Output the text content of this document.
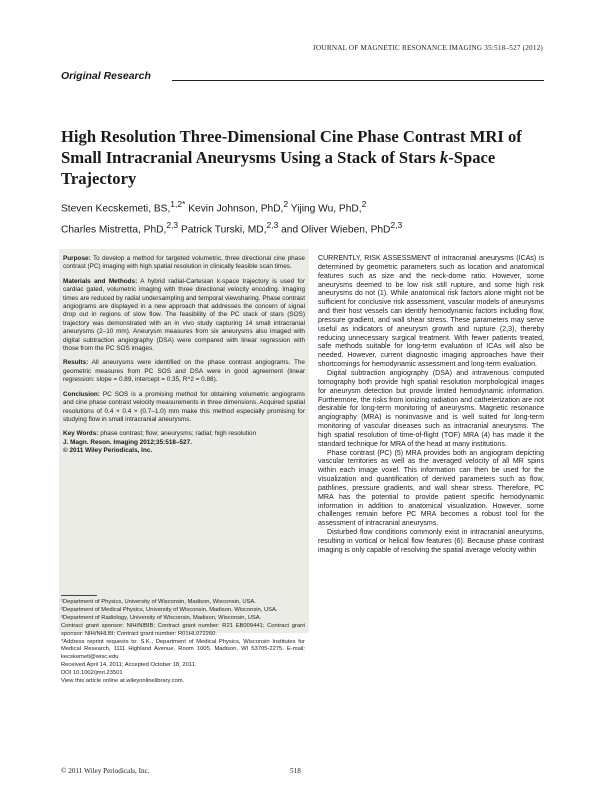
JOURNAL OF MAGNETIC RESONANCE IMAGING 35:518–527 (2012)
Original Research
High Resolution Three-Dimensional Cine Phase Contrast MRI of Small Intracranial Aneurysms Using a Stack of Stars k-Space Trajectory
Steven Kecskemeti, BS,$^{1,2*}$ Kevin Johnson, PhD,$^2$ Yijing Wu, PhD,$^2$
Charles Mistretta, PhD,$^{2,3}$ Patrick Turski, MD,$^{2,3}$ and Oliver Wieben, PhD$^{2,3}$

Purpose: To develop a method for targeted volumetric, three directional cine phase contrast (PC) imaging with high spatial resolution in clinically feasible scan times.

Materials and Methods: A hybrid radial-Cartesian k-space trajectory is used for cardiac gated, volumetric imaging with three directional velocity encoding. Imaging times are reduced by radial undersampling and temporal viewsharing. Phase contrast angiograms are displayed in a new approach that addresses the concern of signal drop out in regions of slow flow. The feasibility of the PC stack of stars (SOS) trajectory was demonstrated with an in vivo study capturing 14 small intracranial aneurysms (2–10 mm). Aneurysm measures from six aneurysms also imaged with digital subtraction angiography (DSA) were compared with linear regression with those from the PC SOS images.

Results: All aneurysms were identified on the phase contrast angiograms. The geometric measures from PC SOS and DSA were in good agreement (linear regression: slope = 0.89, intercept = 0.35, R^2 = 0.88).

Conclusion: PC SOS is a promising method for obtaining volumetric angiograms and cine phase contrast velocity measurements in three dimensions. Acquired spatial resolutions of 0.4 × 0.4 × (0.7–1.0) mm make this method especially promising for studying flow in small intracranial aneurysms.

Key Words: phase contrast; flow; aneurysms; radial; high resolution

J. Magn. Reson. Imaging 2012;35:518–527.
© 2011 Wiley Periodicals, Inc.
¹Department of Physics, University of Wisconsin, Madison, Wisconsin, USA.
²Department of Medical Physics, University of Wisconsin, Madison, Wisconsin, USA.
³Department of Radiology, University of Wisconsin, Madison, Wisconsin, USA.
Contract grant sponsor: NIH/NIBIB; Contract grant number: R21 EB009441; Contract grant sponsor: NIH/NHLBI; Contract grant number: R01HL072260.
*Address reprint requests to: S.K., Department of Medical Physics, Wisconsin Institutes for Medical Research, 1111 Highland Avenue, Room 1005, Madison, WI 53705-2275. E-mail: kecskemeti@wisc.edu
Received April 14, 2011; Accepted October 18, 2011.
DOI 10.1002/jmri.23501
View this article online at wileyonlinelibrary.com.

CURRENTLY, RISK ASSESSMENT of intracranial aneurysms (ICAs) is determined by geometric parameters such as location and anatomical features such as size and the neck-dome ratio. However, some aneurysms deemed to be low risk still rupture, and some high risk aneurysms do not (1). While anatomical risk factors alone might not be sufficient for conclusive risk assessment, vascular models of aneurysms and their host vessels can identify hemodynamic factors including flow, pressure gradient, and wall shear stress. These parameters may serve useful as indicators of aneurysm growth and rupture (2,3), thereby reducing unnecessary surgical treatment. With fewer patients treated, safe methods suitable for long-term evaluation of ICAs will also be needed. However, current diagnostic imaging approaches have their shortcomings for hemodynamic assessment and long-term evaluation.

Digital subtraction angiography (DSA) and intravenous computed tomography both provide high spatial resolution morphological images for aneurysm detection but provide limited hemodynamic information. Furthermore, the risks from ionizing radiation and catheterization are not desirable for long-term monitoring of aneurysms. Magnetic resonance angiography (MRA) is noninvasive and is well suited for long-term monitoring of vascular diseases such as intracranial aneurysms. The high spatial resolution of time-of-flight (TOF) MRA (4) has made it the standard technique for MRA of the head at many institutions.

Phase contrast (PC) (5) MRA provides both an angiogram depicting vascular territories as well as the averaged velocity of all MR spins within each image voxel. This information can then be used for the visualization and quantification of derived parameters such as flow, pathlines, pressure gradients, and wall shear stress. Therefore, PC MRA has the potential to provide patient specific hemodynamic information in addition to anatomical visualization. However, some challenges remain before PC MRA becomes a robust tool for the assessment of intracranial aneurysms.

Disturbed flow conditions commonly exist in intracranial aneurysms, resulting in vortical or helical flow features (6). Because phase contrast imaging is only capable of resolving the spatial average velocity within

© 2011 Wiley Periodicals, Inc.	518
